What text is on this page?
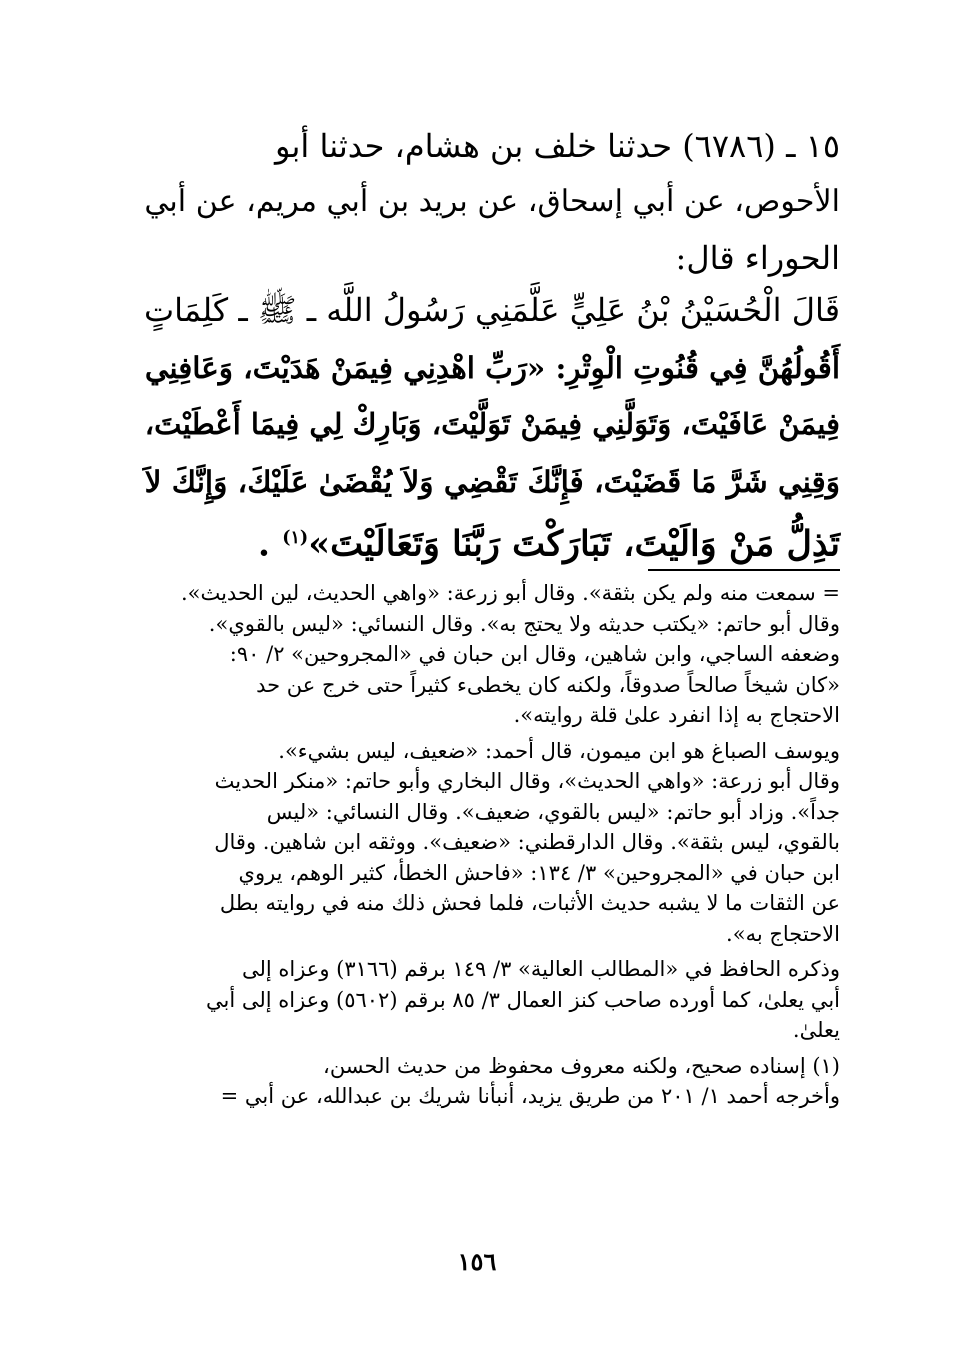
١٥ ـ (٦٧٨٦) حدثنا خلف بن هشام، حدثنا أبو
الأحوص، عن أبي إسحاق، عن بريد بن أبي مريم، عن أبي
الحوراء قال:
قَالَ الْحُسَيْنُ بْنُ عَلِيٍّ عَلَّمَنِي رَسُولُ اللَّه ـ ﷺ ـ كَلِمَاتٍ
أَقُولُهُنَّ فِي قُنُوتِ الْوِتْرِ: «رَبِّ اهْدِنِي فِيمَنْ هَدَيْتَ، وَعَافِنِي
فِيمَنْ عَافَيْتَ، وَتَوَلَّنِي فِيمَنْ تَوَلَّيْتَ، وَبَارِكْ لِي فِيمَا أَعْطَيْتَ،
وَقِنِي شَرَّ مَا قَضَيْتَ، فَإِنَّكَ تَقْضِي وَلاَ يُقْضَىٰ عَلَيْكَ، وَإِنَّكَ لاَ
تَذِلُّ مَنْ وَالَيْتَ، تَبَارَكْتَ رَبَّنَا وَتَعَالَيْتَ»$^{(١)}$ .
= سمعت منه ولم يكن بثقة». وقال أبو زرعة: «واهي الحديث، لين الحديث».
وقال أبو حاتم: «يكتب حديثه ولا يحتج به». وقال النسائي: «ليس بالقوي».
وضعفه الساجي، وابن شاهين، وقال ابن حبان في «المجروحين» ٢/ ٩٠:
«كان شيخاً صالحاً صدوقاً، ولكنه كان يخطىء كثيراً حتى خرج عن حد
الاحتجاج به إذا انفرد علىٰ قلة روايته».
ويوسف الصباغ هو ابن ميمون، قال أحمد: «ضعيف، ليس بشيء».
وقال أبو زرعة: «واهي الحديث»، وقال البخاري وأبو حاتم: «منكر الحديث
جداً». وزاد أبو حاتم: «ليس بالقوي، ضعيف». وقال النسائي: «ليس
بالقوي، ليس بثقة». وقال الدارقطني: «ضعيف». ووثقه ابن شاهين. وقال
ابن حبان في «المجروحين» ٣/ ١٣٤: «فاحش الخطأ، كثير الوهم، يروي
عن الثقات ما لا يشبه حديث الأثبات، فلما فحش ذلك منه في روايته بطل
الاحتجاج به».
وذكره الحافظ في «المطالب العالية» ٣/ ١٤٩ برقم (٣١٦٦) وعزاه إلى
أبي يعلىٰ، كما أورده صاحب كنز العمال ٣/ ٨٥ برقم (٥٦٠٢) وعزاه إلى أبي
يعلىٰ.
(١) إسناده صحيح، ولكنه معروف محفوظ من حديث الحسن،
وأخرجه أحمد ١/ ٢٠١ من طريق يزيد، أنبأنا شريك بن عبدالله، عن أبي =
١٥٦
